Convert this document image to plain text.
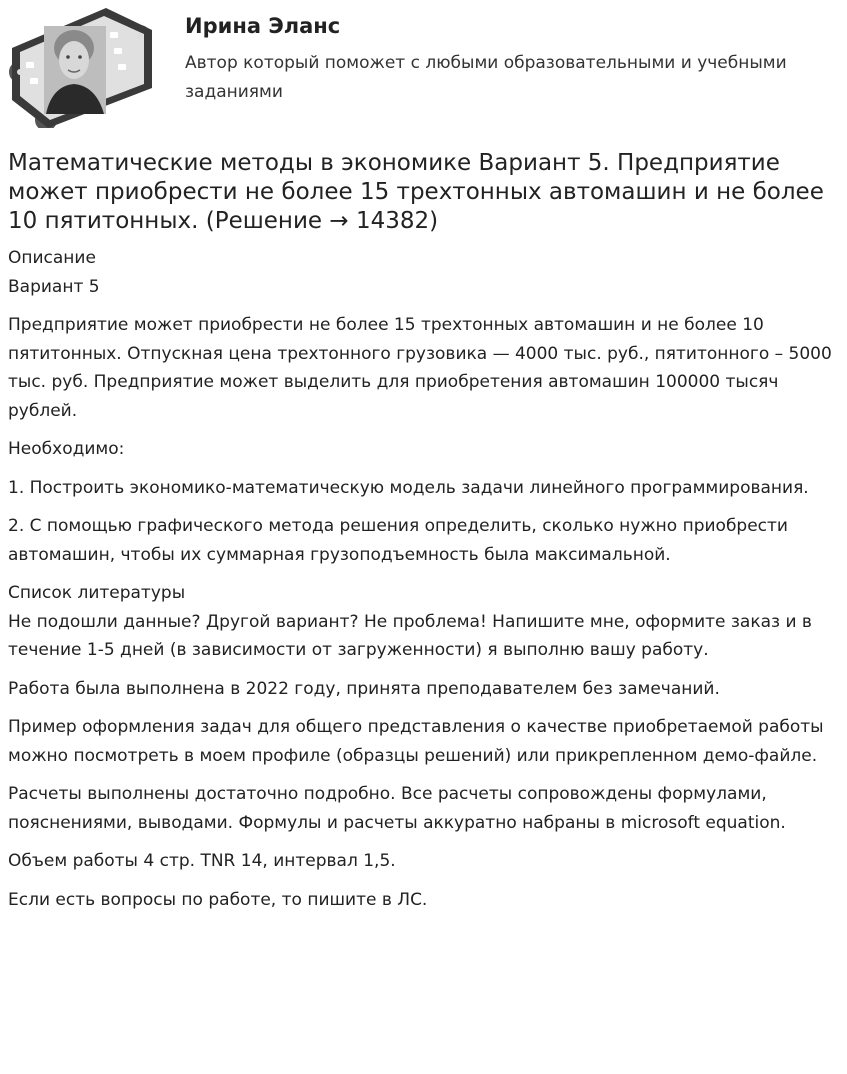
Ирина Эланс
Автор который поможет с любыми образовательными и учебными заданиями
Математические методы в экономике Вариант 5. Предприятие может приобрести не более 15 трехтонных автомашин и не более 10 пятитонных. (Решение → 14382)

Описание

Вариант 5

Предприятие может приобрести не более 15 трехтонных автомашин и не более 10 пятитонных. Отпускная цена трехтонного грузовика — 4000 тыс. руб., пятитонного – 5000 тыс. руб. Предприятие может выделить для приобретения автомашин 100000 тысяч рублей.

Необходимо:

1. Построить экономико-математическую модель задачи линейного программирования.

2. С помощью графического метода решения определить, сколько нужно приобрести автомашин, чтобы их суммарная грузоподъемность была максимальной.

Список литературы

Не подошли данные? Другой вариант? Не проблема! Напишите мне, оформите заказ и в течение 1-5 дней (в зависимости от загруженности) я выполню вашу работу.

Работа была выполнена в 2022 году, принята преподавателем без замечаний.

Пример оформления задач для общего представления о качестве приобретаемой работы можно посмотреть в моем профиле (образцы решений) или прикрепленном демо-файле.

Расчеты выполнены достаточно подробно. Все расчеты сопровождены формулами, пояснениями, выводами. Формулы и расчеты аккуратно набраны в microsoft equation.

Объем работы 4 стр. TNR 14, интервал 1,5.

Если есть вопросы по работе, то пишите в ЛС.
